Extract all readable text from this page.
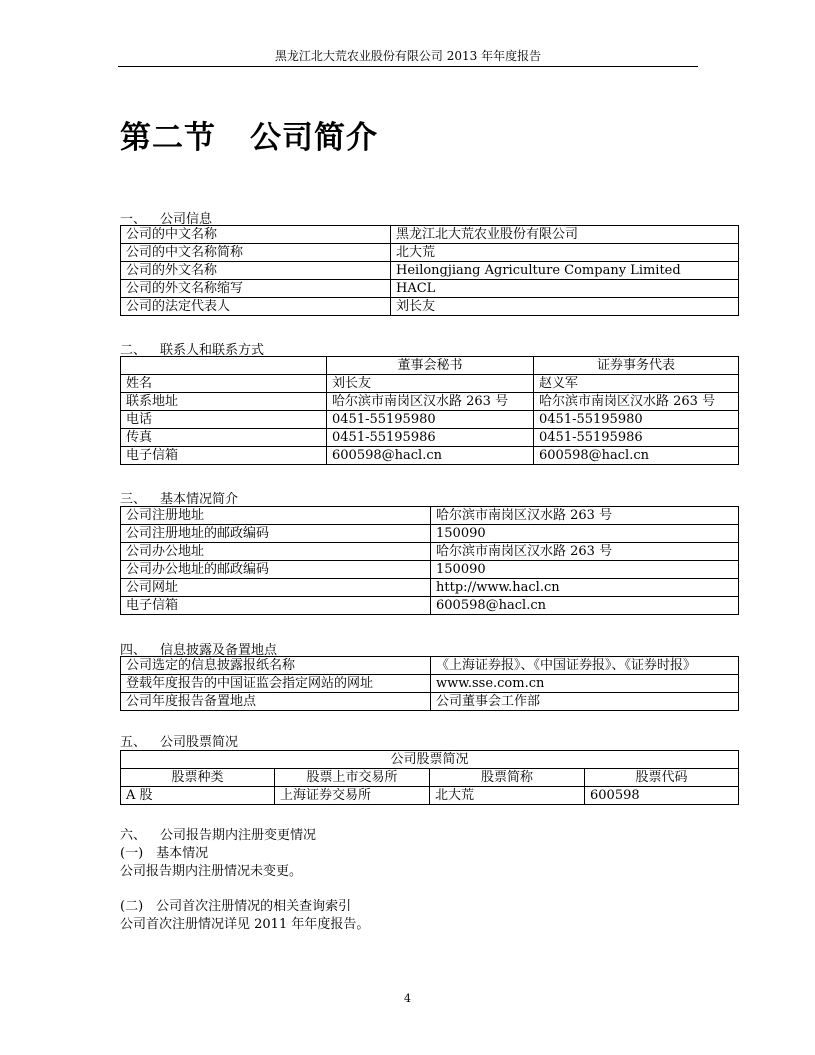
黑龙江北大荒农业股份有限公司 2013 年年度报告
第二节 公司简介
一、 公司信息
公司的中文名称	黑龙江北大荒农业股份有限公司
公司的中文名称简称	北大荒
公司的外文名称	Heilongjiang Agriculture Company Limited
公司的外文名称缩写	HACL
公司的法定代表人	刘长友
二、 联系人和联系方式
	董事会秘书	证券事务代表
姓名	刘长友	赵义军
联系地址	哈尔滨市南岗区汉水路 263 号	哈尔滨市南岗区汉水路 263 号
电话	0451-55195980	0451-55195980
传真	0451-55195986	0451-55195986
电子信箱	600598@hacl.cn	600598@hacl.cn
三、 基本情况简介
公司注册地址	哈尔滨市南岗区汉水路 263 号
公司注册地址的邮政编码	150090
公司办公地址	哈尔滨市南岗区汉水路 263 号
公司办公地址的邮政编码	150090
公司网址	http://www.hacl.cn
电子信箱	600598@hacl.cn
四、 信息披露及备置地点
公司选定的信息披露报纸名称	《上海证券报》、《中国证券报》、《证券时报》
登载年度报告的中国证监会指定网站的网址	www.sse.com.cn
公司年度报告备置地点	公司董事会工作部
五、 公司股票简况
公司股票简况			
股票种类	股票上市交易所	股票简称	股票代码
A 股	上海证券交易所	北大荒	600598
六、 公司报告期内注册变更情况
(一)　基本情况
公司报告期内注册情况未变更。
(二)　公司首次注册情况的相关查询索引
公司首次注册情况详见 2011 年年度报告。
4
